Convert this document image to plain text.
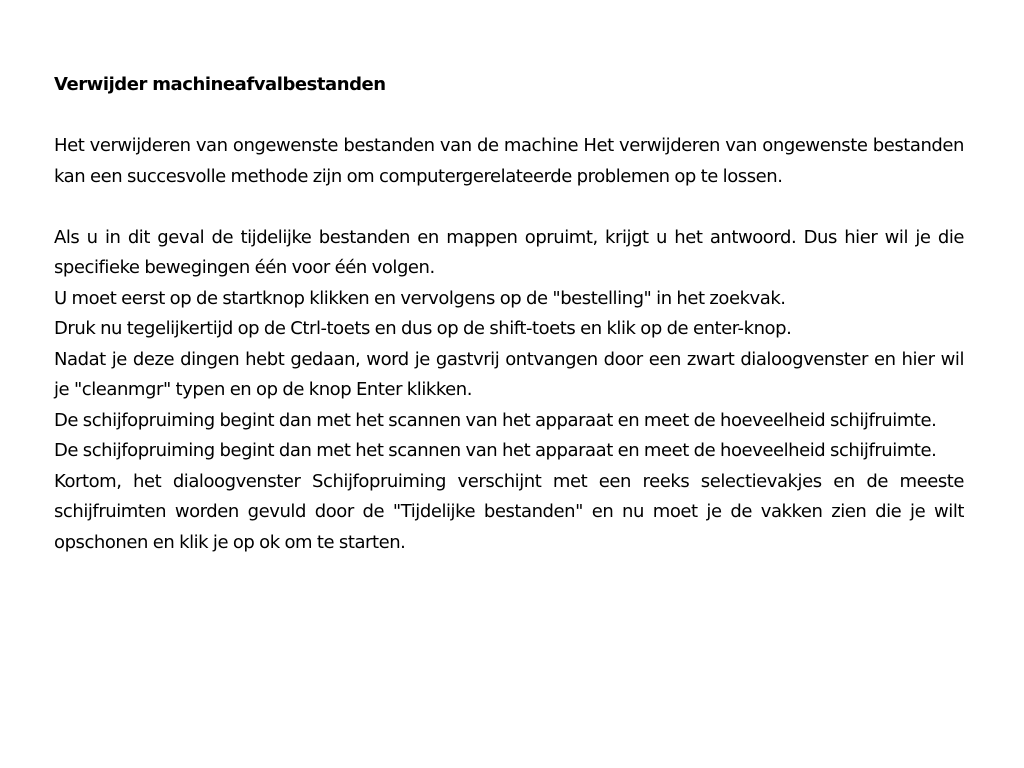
Verwijder machineafvalbestanden

Het verwijderen van ongewenste bestanden van de machine Het verwijderen van ongewenste bestanden kan een succesvolle methode zijn om computergerelateerde problemen op te lossen.

Als u in dit geval de tijdelijke bestanden en mappen opruimt, krijgt u het antwoord. Dus hier wil je die specifieke bewegingen één voor één volgen.

U moet eerst op de startknop klikken en vervolgens op de "bestelling" in het zoekvak.

Druk nu tegelijkertijd op de Ctrl-toets en dus op de shift-toets en klik op de enter-knop.

Nadat je deze dingen hebt gedaan, word je gastvrij ontvangen door een zwart dialoogvenster en hier wil je "cleanmgr" typen en op de knop Enter klikken.

De schijfopruiming begint dan met het scannen van het apparaat en meet de hoeveelheid schijfruimte.

De schijfopruiming begint dan met het scannen van het apparaat en meet de hoeveelheid schijfruimte.

Kortom, het dialoogvenster Schijfopruiming verschijnt met een reeks selectievakjes en de meeste schijfruimten worden gevuld door de "Tijdelijke bestanden" en nu moet je de vakken zien die je wilt opschonen en klik je op ok om te starten.
